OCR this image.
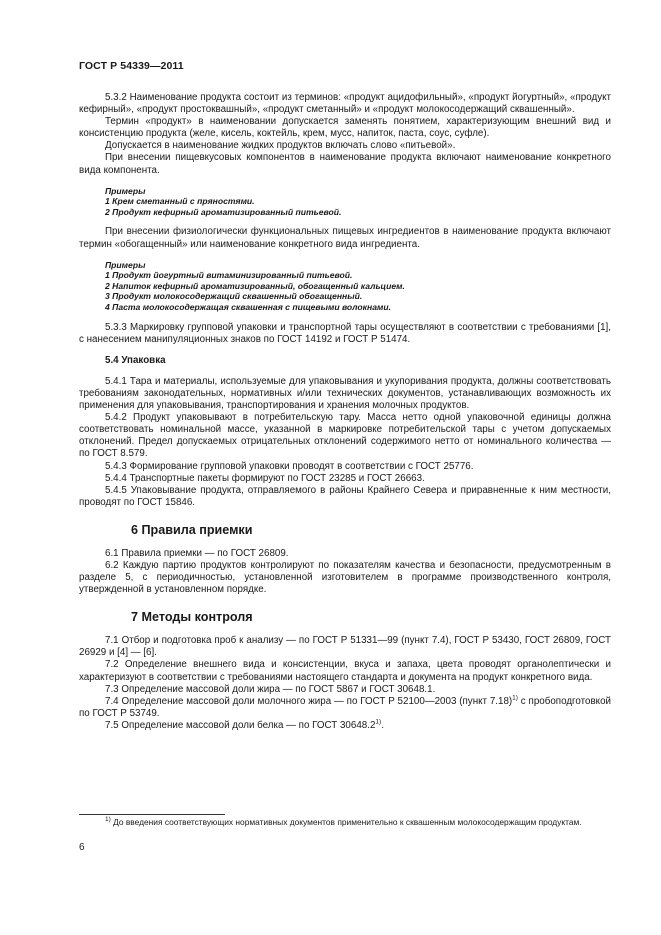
ГОСТ Р 54339—2011

5.3.2 Наименование продукта состоит из терминов: «продукт ацидофильный», «продукт йогуртный», «продукт кефирный», «продукт простоквашный», «продукт сметанный» и «продукт молокосодержащий сквашенный».

Термин «продукт» в наименовании допускается заменять понятием, характеризующим внешний вид и консистенцию продукта (желе, кисель, коктейль, крем, мусс, напиток, паста, соус, суфле).

Допускается в наименование жидких продуктов включать слово «питьевой».

При внесении пищевкусовых компонентов в наименование продукта включают наименование конкретного вида компонента.

Примеры
1 Крем сметанный с пряностями.
2 Продукт кефирный ароматизированный питьевой.

При внесении физиологически функциональных пищевых ингредиентов в наименование продукта включают термин «обогащенный» или наименование конкретного вида ингредиента.

Примеры
1 Продукт йогуртный витаминизированный питьевой.
2 Напиток кефирный ароматизированный, обогащенный кальцием.
3 Продукт молокосодержащий сквашенный обогащенный.
4 Паста молокосодержащая сквашенная с пищевыми волокнами.

5.3.3 Маркировку групповой упаковки и транспортной тары осуществляют в соответствии с требованиями [1], с нанесением манипуляционных знаков по ГОСТ 14192 и ГОСТ Р 51474.

5.4 Упаковка

5.4.1 Тара и материалы, используемые для упаковывания и укупоривания продукта, должны соответствовать требованиям законодательных, нормативных и/или технических документов, устанавливающих возможность их применения для упаковывания, транспортирования и хранения молочных продуктов.

5.4.2 Продукт упаковывают в потребительскую тару. Масса нетто одной упаковочной единицы должна соответствовать номинальной массе, указанной в маркировке потребительской тары с учетом допускаемых отклонений. Предел допускаемых отрицательных отклонений содержимого нетто от номинального количества — по ГОСТ 8.579.

5.4.3 Формирование групповой упаковки проводят в соответствии с ГОСТ 25776.

5.4.4 Транспортные пакеты формируют по ГОСТ 23285 и ГОСТ 26663.

5.4.5 Упаковывание продукта, отправляемого в районы Крайнего Севера и приравненные к ним местности, проводят по ГОСТ 15846.

6 Правила приемки

6.1 Правила приемки — по ГОСТ 26809.

6.2 Каждую партию продуктов контролируют по показателям качества и безопасности, предусмотренным в разделе 5, с периодичностью, установленной изготовителем в программе производственного контроля, утвержденной в установленном порядке.

7 Методы контроля

7.1 Отбор и подготовка проб к анализу — по ГОСТ Р 51331—99 (пункт 7.4), ГОСТ Р 53430, ГОСТ 26809, ГОСТ 26929 и [4] — [6].

7.2 Определение внешнего вида и консистенции, вкуса и запаха, цвета проводят органолептически и характеризуют в соответствии с требованиями настоящего стандарта и документа на продукт конкретного вида.

7.3 Определение массовой доли жира — по ГОСТ 5867 и ГОСТ 30648.1.

7.4 Определение массовой доли молочного жира — по ГОСТ Р 52100—2003 (пункт 7.18)$^{1)}$ с пробоподготовкой по ГОСТ Р 53749.

7.5 Определение массовой доли белка — по ГОСТ 30648.2$^{1)}$.

$^{1)}$ До введения соответствующих нормативных документов применительно к сквашенным молокосодержащим продуктам.

6
